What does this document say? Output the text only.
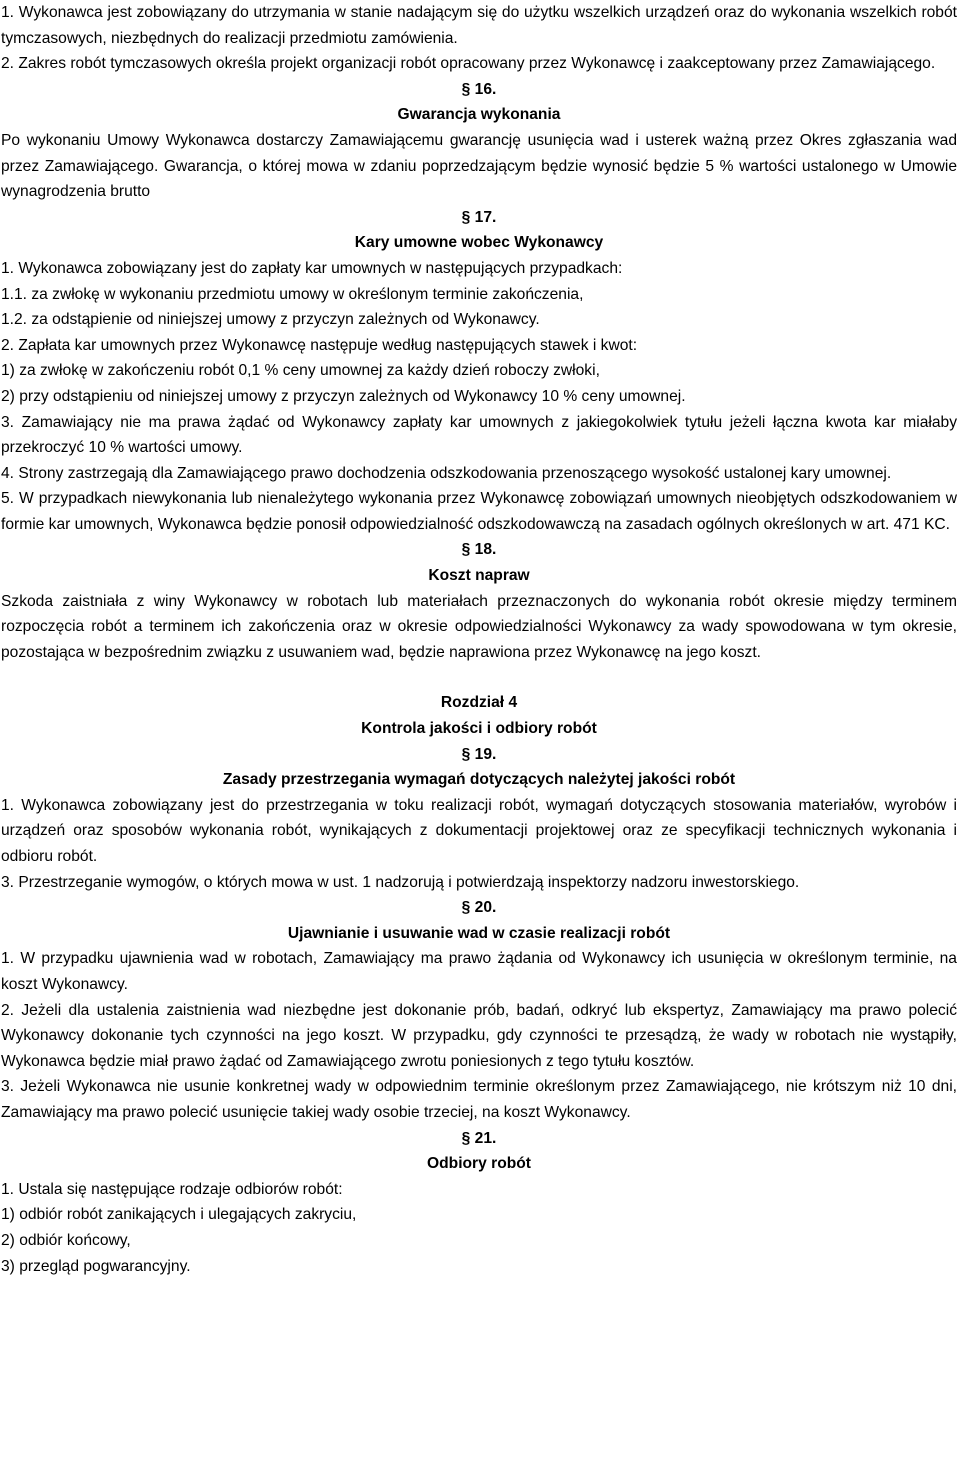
1. Wykonawca jest zobowiązany do utrzymania w stanie nadającym się do użytku wszelkich urządzeń oraz do wykonania wszelkich robót tymczasowych, niezbędnych do realizacji przedmiotu zamówienia.

2. Zakres robót tymczasowych określa projekt organizacji robót opracowany przez Wykonawcę i zaakceptowany przez Zamawiającego.

§ 16.

Gwarancja wykonania

Po wykonaniu Umowy Wykonawca dostarczy Zamawiającemu gwarancję usunięcia wad i usterek ważną przez Okres zgłaszania wad przez Zamawiającego. Gwarancja, o której mowa w zdaniu poprzedzającym będzie wynosić będzie 5 % wartości ustalonego w Umowie wynagrodzenia brutto

§ 17.

Kary umowne wobec Wykonawcy

1. Wykonawca zobowiązany jest do zapłaty kar umownych w następujących przypadkach:

1.1. za zwłokę w wykonaniu przedmiotu umowy w określonym terminie zakończenia,

1.2. za odstąpienie od niniejszej umowy z przyczyn zależnych od Wykonawcy.

2. Zapłata kar umownych przez Wykonawcę następuje według następujących stawek i kwot:

1) za zwłokę w zakończeniu robót 0,1 % ceny umownej za każdy dzień roboczy zwłoki,

2) przy odstąpieniu od niniejszej umowy z przyczyn zależnych od Wykonawcy 10 % ceny umownej.

3. Zamawiający nie ma prawa żądać od Wykonawcy zapłaty kar umownych z jakiegokolwiek tytułu jeżeli łączna kwota kar miałaby przekroczyć 10 % wartości umowy.

4. Strony zastrzegają dla Zamawiającego prawo dochodzenia odszkodowania przenoszącego wysokość ustalonej kary umownej.

5. W przypadkach niewykonania lub nienależytego wykonania przez Wykonawcę zobowiązań umownych nieobjętych odszkodowaniem w formie kar umownych, Wykonawca będzie ponosił odpowiedzialność odszkodowawczą na zasadach ogólnych określonych w art. 471 KC.

§ 18.

Koszt napraw

Szkoda zaistniała z winy Wykonawcy w robotach lub materiałach przeznaczonych do wykonania robót okresie między terminem rozpoczęcia robót a terminem ich zakończenia oraz w okresie odpowiedzialności Wykonawcy za wady spowodowana w tym okresie, pozostająca w bezpośrednim związku z usuwaniem wad, będzie naprawiona przez Wykonawcę na jego koszt.

Rozdział 4

Kontrola jakości i odbiory robót

§ 19.

Zasady przestrzegania wymagań dotyczących należytej jakości robót

1. Wykonawca zobowiązany jest do przestrzegania w toku realizacji robót, wymagań dotyczących stosowania materiałów, wyrobów i urządzeń oraz sposobów wykonania robót, wynikających z dokumentacji projektowej oraz ze specyfikacji technicznych wykonania i odbioru robót.

3. Przestrzeganie wymogów, o których mowa w ust. 1 nadzorują i potwierdzają inspektorzy nadzoru inwestorskiego.

§ 20.

Ujawnianie i usuwanie wad w czasie realizacji robót

1. W przypadku ujawnienia wad w robotach, Zamawiający ma prawo żądania od Wykonawcy ich usunięcia w określonym terminie, na koszt Wykonawcy.

2. Jeżeli dla ustalenia zaistnienia wad niezbędne jest dokonanie prób, badań, odkryć lub ekspertyz, Zamawiający ma prawo polecić Wykonawcy dokonanie tych czynności na jego koszt. W przypadku, gdy czynności te przesądzą, że wady w robotach nie wystąpiły, Wykonawca będzie miał prawo żądać od Zamawiającego zwrotu poniesionych z tego tytułu kosztów.

3. Jeżeli Wykonawca nie usunie konkretnej wady w odpowiednim terminie określonym przez Zamawiającego, nie krótszym niż 10 dni, Zamawiający ma prawo polecić usunięcie takiej wady osobie trzeciej, na koszt Wykonawcy.

§ 21.

Odbiory robót

1. Ustala się następujące rodzaje odbiorów robót:

1) odbiór robót zanikających i ulegających zakryciu,

2) odbiór końcowy,

3) przegląd pogwarancyjny.
